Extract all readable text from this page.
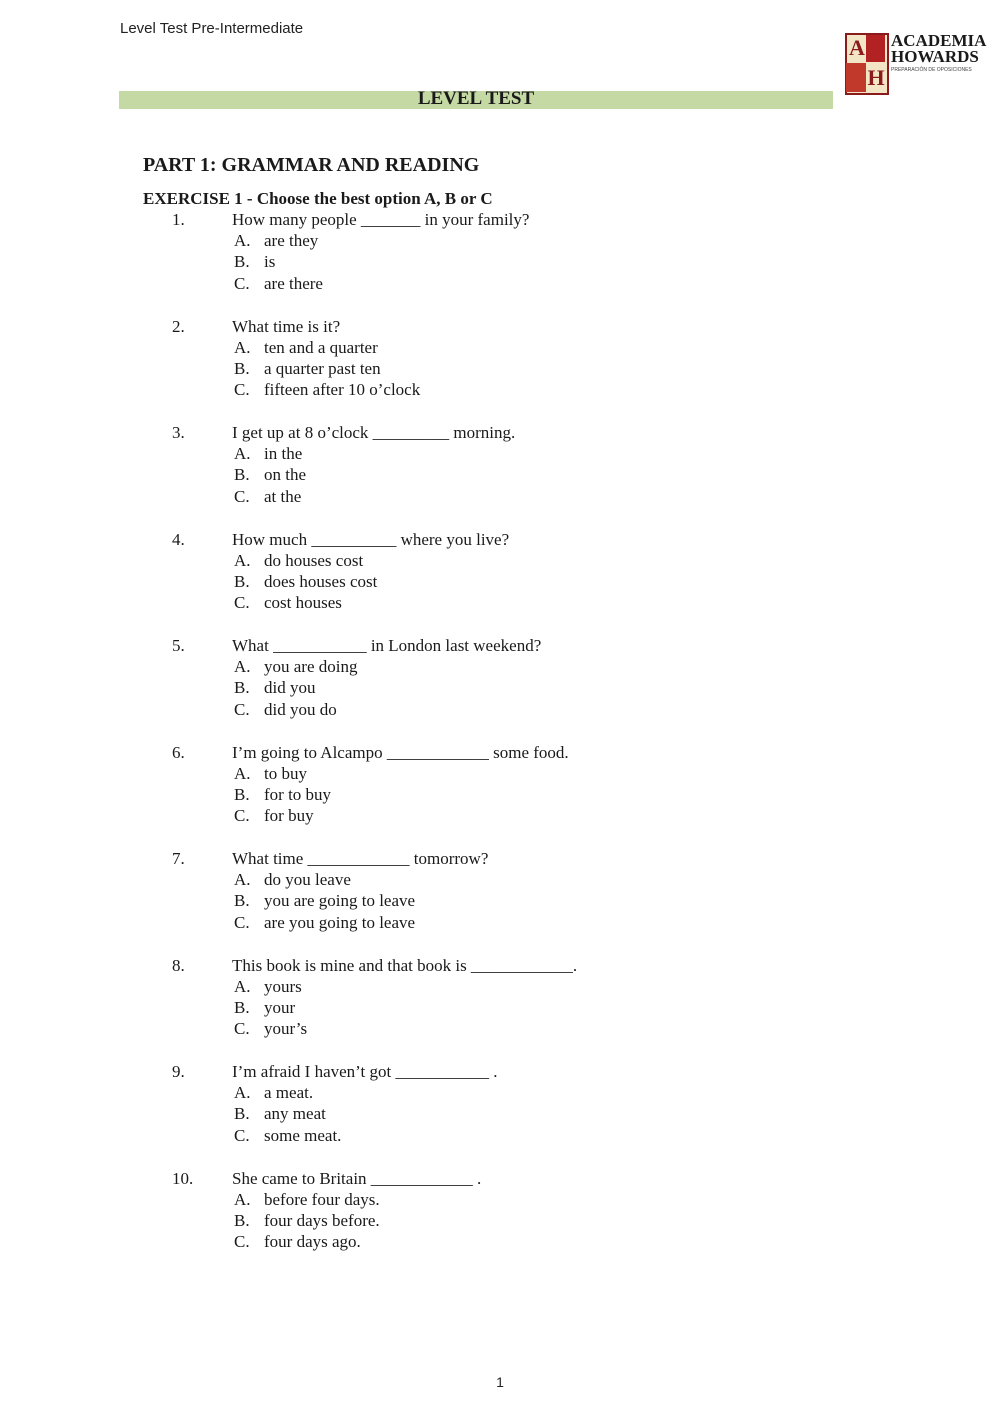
Level Test Pre-Intermediate
A
H
ACADEMIA
HOWARDS
PREPARACIÓN DE OPOSICIONES
LEVEL TEST
PART 1: GRAMMAR AND READING
EXERCISE 1 - Choose the best option A, B or C
1.	How many people _______ in your family?
A. are they
B. is
C. are there
2.	What time is it?
A. ten and a quarter
B. a quarter past ten
C. fifteen after 10 o’clock
3.	I get up at 8 o’clock _________ morning.
A. in the
B. on the
C. at the
4.	How much __________ where you live?
A. do houses cost
B. does houses cost
C. cost houses
5.	What ___________ in London last weekend?
A. you are doing
B. did you
C. did you do
6.	I’m going to Alcampo ____________ some food.
A. to buy
B. for to buy
C. for buy
7.	What time ____________ tomorrow?
A. do you leave
B. you are going to leave
C. are you going to leave
8.	This book is mine and that book is ____________.
A. yours
B. your
C. your’s
9.	I’m afraid I haven’t got ___________ .
A. a meat.
B. any meat
C. some meat.
10. She came to Britain ____________ .
A. before four days.
B. four days before.
C. four days ago.
1
